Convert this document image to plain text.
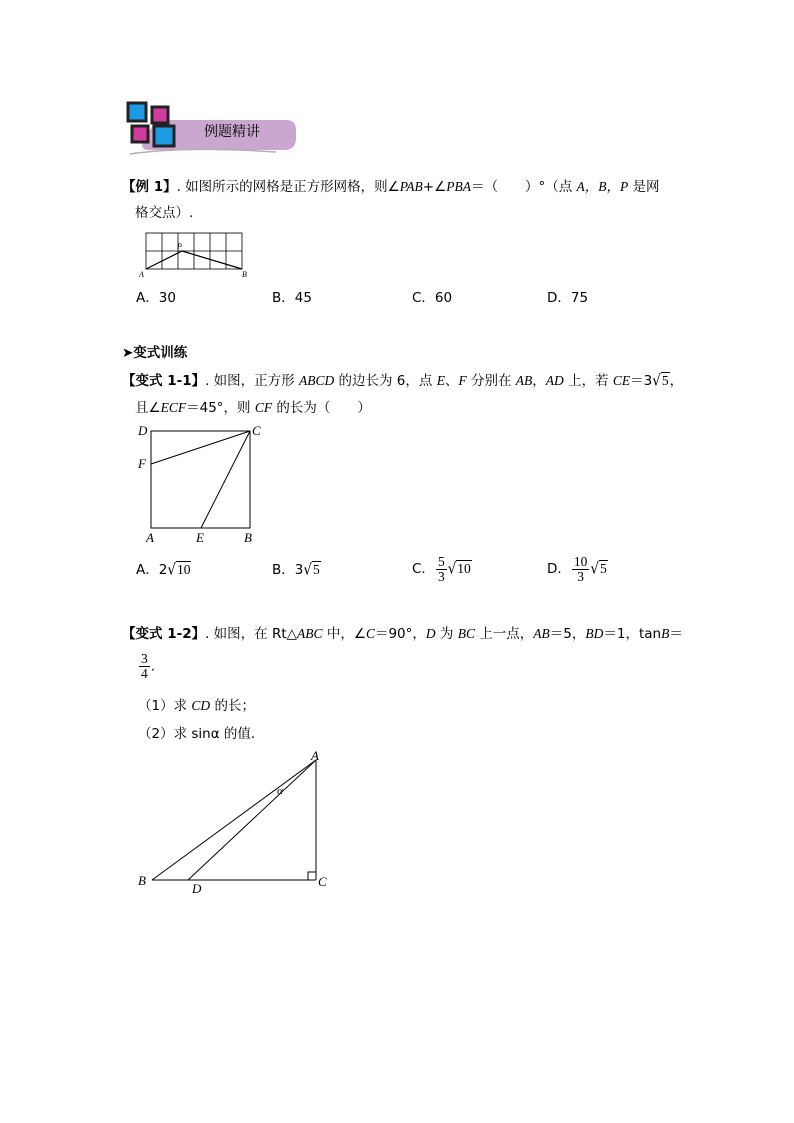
例题精讲
【例 1】. 如图所示的网格是正方形网格，则∠PAB+∠PBA＝（　　）°（点 A，B，P 是网
格交点）.
P
A	B
A．30	B．45	C．60	D．75
➤变式训练
【变式 1-1】. 如图，正方形 ABCD 的边长为 6，点 E、F 分别在 AB，AD 上，若 CE＝3√5，
且∠ECF＝45°，则 CF 的长为（　　）
D	C
F
A	E	B
A．2√10	B．3√5	C． $\frac{5}{3} √10$	D． $\frac{10}{3} √5$
【变式 1-2】. 如图，在 Rt△ABC 中，∠C＝90°，D 为 BC 上一点，AB＝5，BD＝1，tanB＝
$\frac{3}{4}$ .
（1）求 CD 的长；
（2）求 sinα 的值．
A
α
B
D	C
